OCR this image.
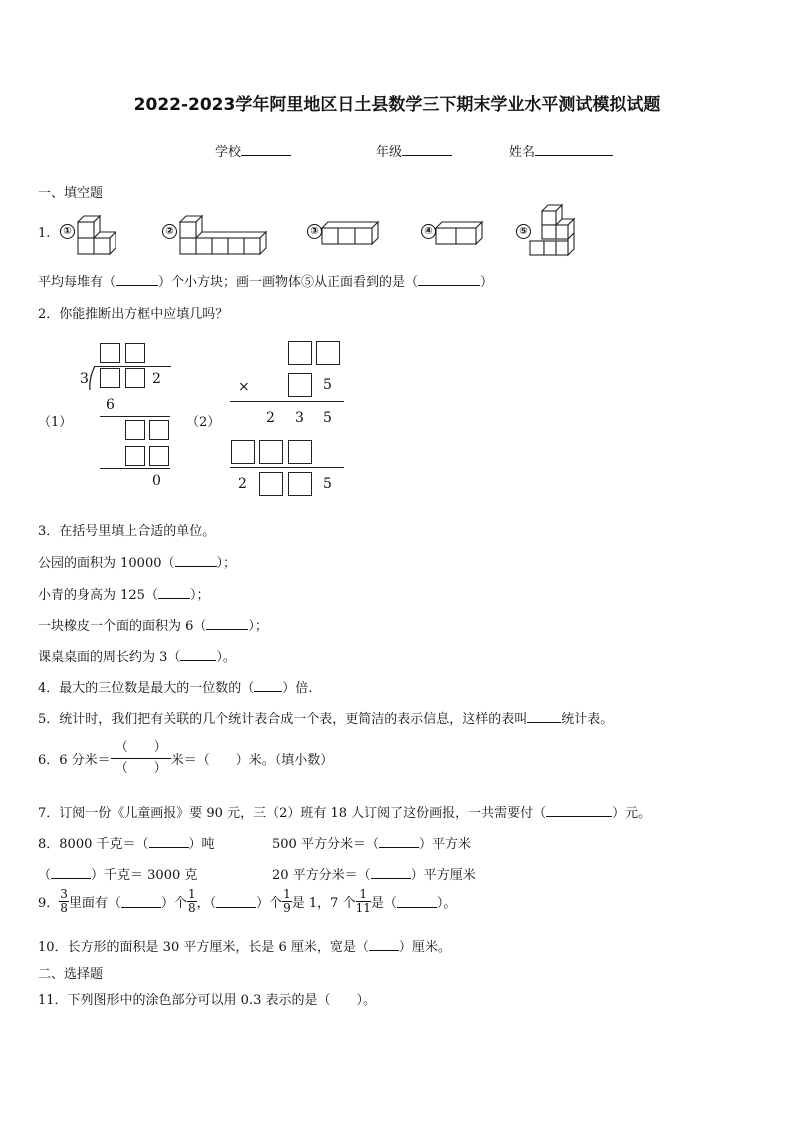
2022-2023学年阿里地区日土县数学三下期末学业水平测试模拟试题
学校	年级	姓名
一、填空题
1.	①	②	③	④	⑤
平均每堆有（	）个小方块；画一画物体⑤从正面看到的是（	）
2．你能推断出方框中应填几吗？
（1）	（2）
3	2
6
0
×	5
2 3 5
2	5
3．在括号里填上合适的单位。
公园的面积为 10000（	）；
小青的身高为 125（ ）；
一块橡皮一个面的面积为 6（	）；
课桌桌面的周长约为 3（	）。
4．最大的三位数是最大的一位数的（ ）倍.
5．统计时，我们把有关联的几个统计表合成一个表，更简洁的表示信息，这样的表叫	统计表。
6．6 分米＝
（　　）
（　　）
米＝（　　）米。（填小数）
7．订阅一份《儿童画报》要 90 元，三（2）班有 18 人订阅了这份画报，一共需要付（	）元。
8．8000 千克＝（	）吨	500 平方分米＝（	）平方米
（	）千克＝ 3000 克	20 平方分米＝（	）平方厘米
9． $\frac{3}{8}$ 里面有（	）个 $\frac{1}{8}$ ，（	）个 $\frac{1}{9}$ 是 1，7 个 $\frac{1}{11}$ 是（	）。
10．长方形的面积是 30 平方厘米，长是 6 厘米，宽是（ ）厘米。
二、选择题
11．下列图形中的涂色部分可以用 0.3 表示的是（　　）。
